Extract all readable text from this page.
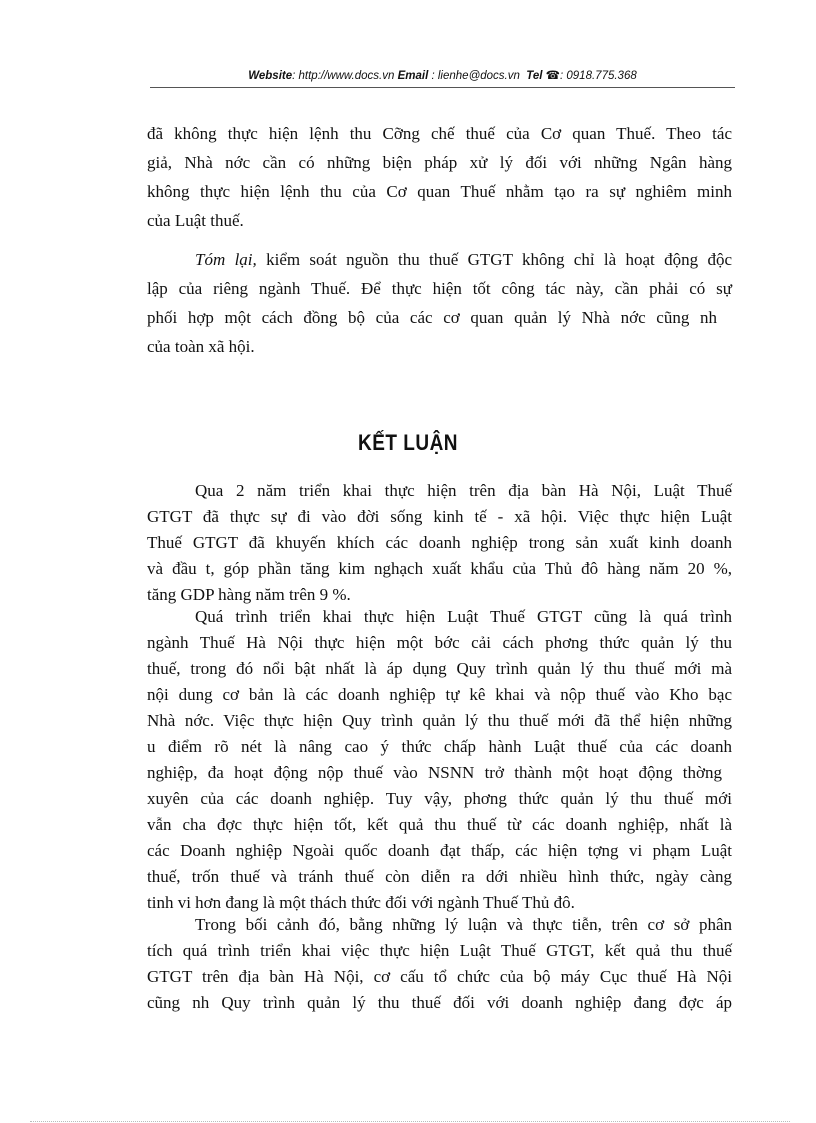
Website: http://www.docs.vn Email : lienhe@docs.vn Tel ☎: 0918.775.368
đã không thực hiện lệnh thu Cỡng chế thuế của Cơ quan Thuế. Theo tác
giả, Nhà nớc cần có những biện pháp xử lý đối với những Ngân hàng
không thực hiện lệnh thu của Cơ quan Thuế nhằm tạo ra sự nghiêm minh
của Luật thuế.
Tóm lại, kiểm soát nguồn thu thuế GTGT không chỉ là hoạt động độc
lập của riêng ngành Thuế. Để thực hiện tốt công tác này, cần phải có sự
phối hợp một cách đồng bộ của các cơ quan quản lý Nhà nớc cũng nh
của toàn xã hội.
KẾT LUẬN
Qua 2 năm triển khai thực hiện trên địa bàn Hà Nội, Luật Thuế
GTGT đã thực sự đi vào đời sống kinh tế - xã hội. Việc thực hiện Luật
Thuế GTGT đã khuyến khích các doanh nghiệp trong sản xuất kinh doanh
và đầu t, góp phần tăng kim nghạch xuất khẩu của Thủ đô hàng năm 20 %,
tăng GDP hàng năm trên 9 %.
Quá trình triển khai thực hiện Luật Thuế GTGT cũng là quá trình
ngành Thuế Hà Nội thực hiện một bớc cải cách phơng thức quản lý thu
thuế, trong đó nổi bật nhất là áp dụng Quy trình quản lý thu thuế mới mà
nội dung cơ bản là các doanh nghiệp tự kê khai và nộp thuế vào Kho bạc
Nhà nớc. Việc thực hiện Quy trình quản lý thu thuế mới đã thể hiện những
u điểm rõ nét là nâng cao ý thức chấp hành Luật thuế của các doanh
nghiệp, đa hoạt động nộp thuế vào NSNN trở thành một hoạt động thờng
xuyên của các doanh nghiệp. Tuy vậy, phơng thức quản lý thu thuế mới
vẫn cha đợc thực hiện tốt, kết quả thu thuế từ các doanh nghiệp, nhất là
các Doanh nghiệp Ngoài quốc doanh đạt thấp, các hiện tợng vi phạm Luật
thuế, trốn thuế và tránh thuế còn diễn ra dới nhiều hình thức, ngày càng
tinh vi hơn đang là một thách thức đối với ngành Thuế Thủ đô.
Trong bối cảnh đó, bằng những lý luận và thực tiễn, trên cơ sở phân
tích quá trình triển khai việc thực hiện Luật Thuế GTGT, kết quả thu thuế
GTGT trên địa bàn Hà Nội, cơ cấu tổ chức của bộ máy Cục thuế Hà Nội
cũng nh Quy trình quản lý thu thuế đối với doanh nghiệp đang đợc áp
